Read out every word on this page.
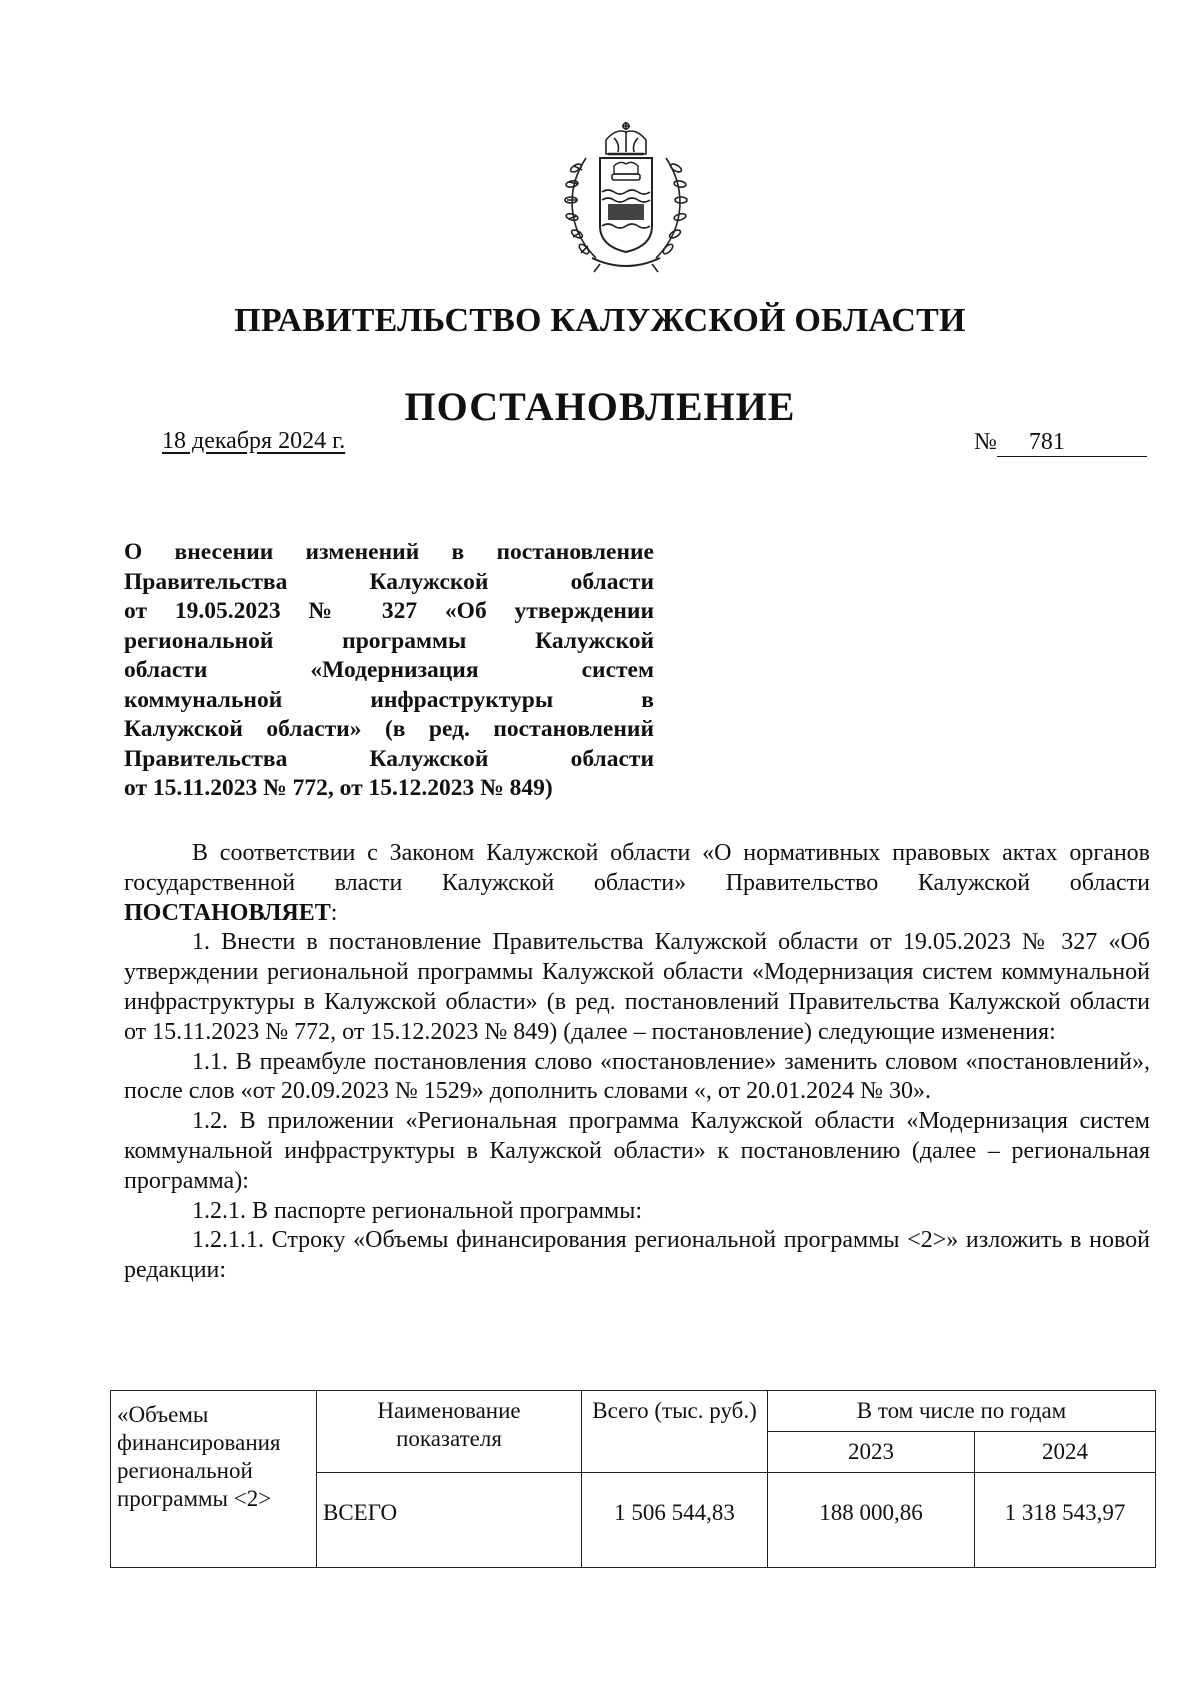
ПРАВИТЕЛЬСТВО КАЛУЖСКОЙ ОБЛАСТИ
ПОСТАНОВЛЕНИЕ
18 декабря 2024 г.	№ 781
О внесении изменений в постановление
Правительства Калужской области
от 19.05.2023 № 327 «Об утверждении
региональной программы Калужской
области «Модернизация систем
коммунальной инфраструктуры в
Калужской области» (в ред. постановлений
Правительства Калужской области
от 15.11.2023 № 772, от 15.12.2023 № 849)

В соответствии с Законом Калужской области «О нормативных правовых актах органов государственной власти Калужской области» Правительство Калужской области ПОСТАНОВЛЯЕТ:

1. Внести в постановление Правительства Калужской области от 19.05.2023 № 327 «Об утверждении региональной программы Калужской области «Модернизация систем коммунальной инфраструктуры в Калужской области» (в ред. постановлений Правительства Калужской области от 15.11.2023 № 772, от 15.12.2023 № 849) (далее – постановление) следующие изменения:

1.1. В преамбуле постановления слово «постановление» заменить словом «постановлений», после слов «от 20.09.2023 № 1529» дополнить словами «, от 20.01.2024 № 30».

1.2. В приложении «Региональная программа Калужской области «Модернизация систем коммунальной инфраструктуры в Калужской области» к постановлению (далее – региональная программа):

1.2.1. В паспорте региональной программы:

1.2.1.1. Строку «Объемы финансирования региональной программы <2>» изложить в новой редакции:

«Объемы финансирования региональной программы <2>	Наименование показателя	Всего (тыс. руб.)	В том числе по годам	
			2023	2024
	ВСЕГО	1 506 544,83	188 000,86	1 318 543,97
